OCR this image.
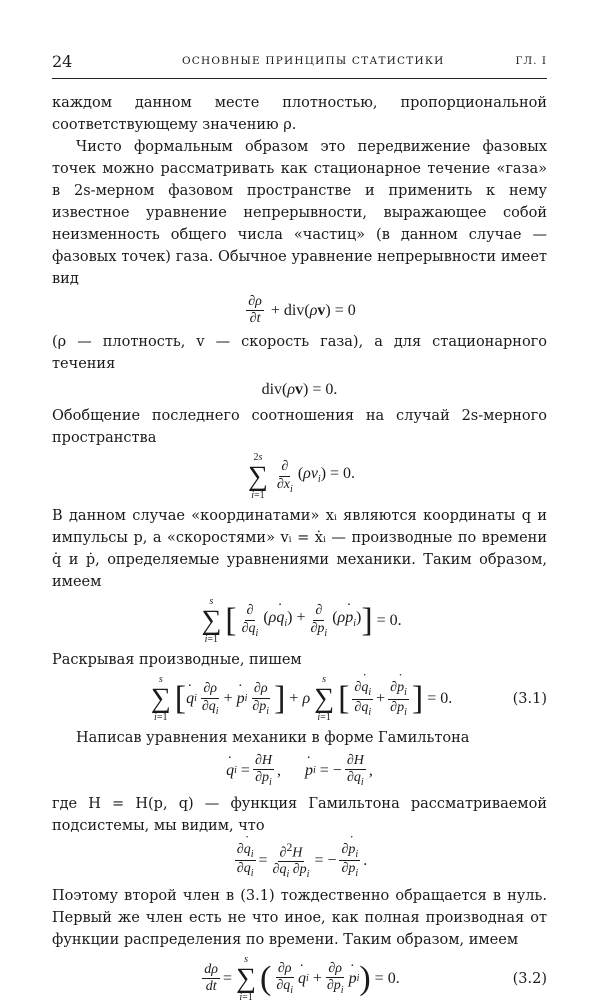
24	ОСНОВНЫЕ ПРИНЦИПЫ СТАТИСТИКИ	ГЛ. I

каждом данном месте плотностью, пропорциональной соответствующему значению ρ.

Чисто формальным образом это передвижение фазовых точек можно рассматривать как стационарное течение «газа» в 2s-мерном фазовом пространстве и применить к нему известное уравнение непрерывности, выражающее собой неизменность общего числа «частиц» (в данном случае — фазовых точек) газа. Обычное уравнение непрерывности имеет вид

$\frac{\partial\rho}{\partial t} + div(\rho v) = 0$

(ρ — плотность, v — скорость газа), а для стационарного течения

div(ρv) = 0.

Обобщение последнего соотношения на случай 2s-мерного пространства

2s
∑
i=1
$\frac{\partial}{\partial x_i} (\rho v_i) = 0$.

В данном случае «координатами» xᵢ являются координаты q и импульсы p, а «скоростями» vᵢ = ẋᵢ — производные по времени q̇ и ṗ, определяемые уравнениями механики. Таким образом, имеем

s
∑
i=1
[ $\frac{\partial}{\partial q_i}$ (ρ˙ $q_i) + \frac{\partial}{\partial p_i}$ (ρ˙ $p_i$) ] = 0.

Раскрывая производные, пишем

s
∑
i=1
[ ˙ q i $\frac{\partial\rho}{\partial q_i}$ +
˙ p i $\frac{\partial\rho}{\partial p_i}$ ] + ρ
s
∑
i=1
[ $\frac{\partial˙ q_i}{\partial q_i} + \frac{\partial˙ p_i}{\partial p_i}$ ] = 0.	(3.1)

Написав уравнения механики в форме Гамильтона

˙ q $i = \frac{\partial H}{\partial p_i}$ , ˙ p i = − $\frac{\partial H}{\partial q_i}$ ,

где H = H(p, q) — функция Гамильтона рассматриваемой подсистемы, мы видим, что

$\frac{\partial˙ q_i}{\partial q_i} = \frac{\partial^2H}{\partial q_i \partial p_i}$ = − $\frac{\partial˙ p_i}{\partial p_i}$ .

Поэтому второй член в (3.1) тождественно обращается в нуль. Первый же член есть не что иное, как полная производная от функции распределения по времени. Таким образом, имеем

$\frac{d\rho}{dt}$ =
s
∑
i=1
( $\frac{\partial\rho}{\partial q_i}$ ˙ q $i + \frac{\partial\rho}{\partial p_i}$ ˙ p i ) = 0.	(3.2)
